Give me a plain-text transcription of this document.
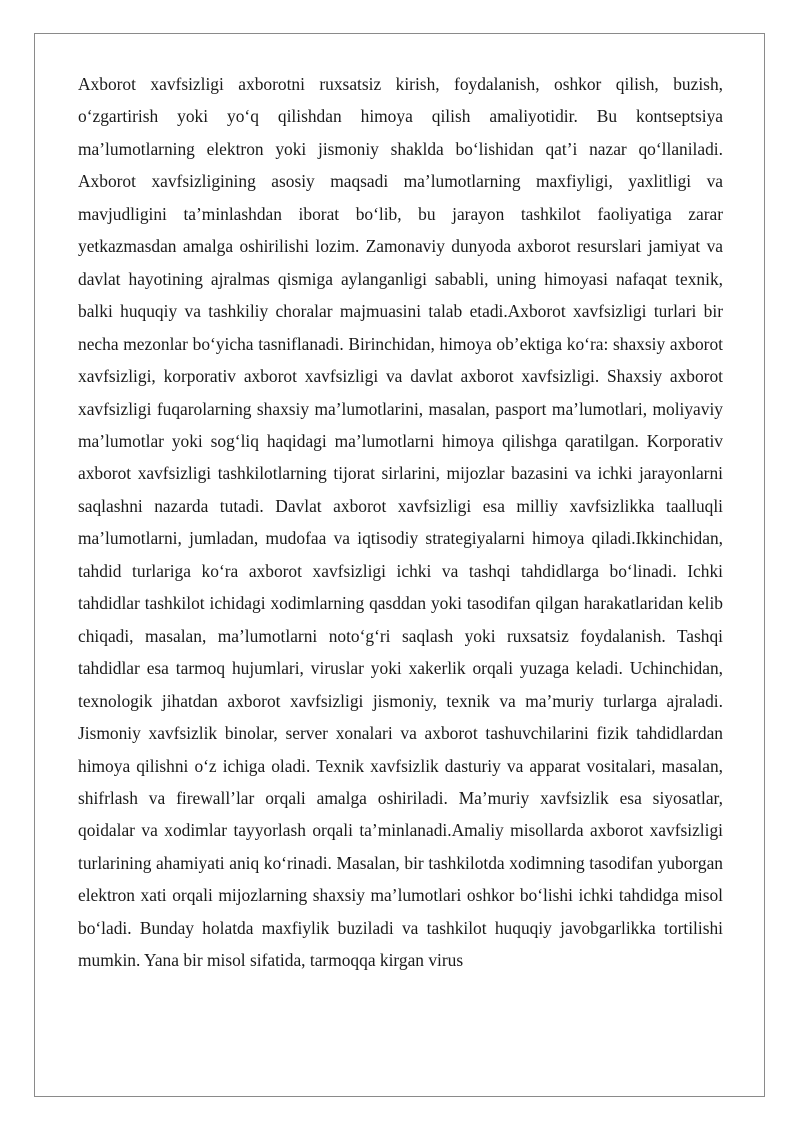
Axborot xavfsizligi axborotni ruxsatsiz kirish, foydalanish, oshkor qilish, buzish, o‘zgartirish yoki yo‘q qilishdan himoya qilish amaliyotidir. Bu kontseptsiya ma’lumotlarning elektron yoki jismoniy shaklda bo‘lishidan qat’i nazar qo‘llaniladi. Axborot xavfsizligining asosiy maqsadi ma’lumotlarning maxfiyligi, yaxlitligi va mavjudligini ta’minlashdan iborat bo‘lib, bu jarayon tashkilot faoliyatiga zarar yetkazmasdan amalga oshirilishi lozim. Zamonaviy dunyoda axborot resurslari jamiyat va davlat hayotining ajralmas qismiga aylanganligi sababli, uning himoyasi nafaqat texnik, balki huquqiy va tashkiliy choralar majmuasini talab etadi.Axborot xavfsizligi turlari bir necha mezonlar bo‘yicha tasniflanadi. Birinchidan, himoya ob’ektiga ko‘ra: shaxsiy axborot xavfsizligi, korporativ axborot xavfsizligi va davlat axborot xavfsizligi. Shaxsiy axborot xavfsizligi fuqarolarning shaxsiy ma’lumotlarini, masalan, pasport ma’lumotlari, moliyaviy ma’lumotlar yoki sog‘liq haqidagi ma’lumotlarni himoya qilishga qaratilgan. Korporativ axborot xavfsizligi tashkilotlarning tijorat sirlarini, mijozlar bazasini va ichki jarayonlarni saqlashni nazarda tutadi. Davlat axborot xavfsizligi esa milliy xavfsizlikka taalluqli ma’lumotlarni, jumladan, mudofaa va iqtisodiy strategiyalarni himoya qiladi.Ikkinchidan, tahdid turlariga ko‘ra axborot xavfsizligi ichki va tashqi tahdidlarga bo‘linadi. Ichki tahdidlar tashkilot ichidagi xodimlarning qasddan yoki tasodifan qilgan harakatlaridan kelib chiqadi, masalan, ma’lumotlarni noto‘g‘ri saqlash yoki ruxsatsiz foydalanish. Tashqi tahdidlar esa tarmoq hujumlari, viruslar yoki xakerlik orqali yuzaga keladi. Uchinchidan, texnologik jihatdan axborot xavfsizligi jismoniy, texnik va ma’muriy turlarga ajraladi. Jismoniy xavfsizlik binolar, server xonalari va axborot tashuvchilarini fizik tahdidlardan himoya qilishni o‘z ichiga oladi. Texnik xavfsizlik dasturiy va apparat vositalari, masalan, shifrlash va firewall’lar orqali amalga oshiriladi. Ma’muriy xavfsizlik esa siyosatlar, qoidalar va xodimlar tayyorlash orqali ta’minlanadi.Amaliy misollarda axborot xavfsizligi turlarining ahamiyati aniq ko‘rinadi. Masalan, bir tashkilotda xodimning tasodifan yuborgan elektron xati orqali mijozlarning shaxsiy ma’lumotlari oshkor bo‘lishi ichki tahdidga misol bo‘ladi. Bunday holatda maxfiylik buziladi va tashkilot huquqiy javobgarlikka tortilishi mumkin. Yana bir misol sifatida, tarmoqqa kirgan virus
